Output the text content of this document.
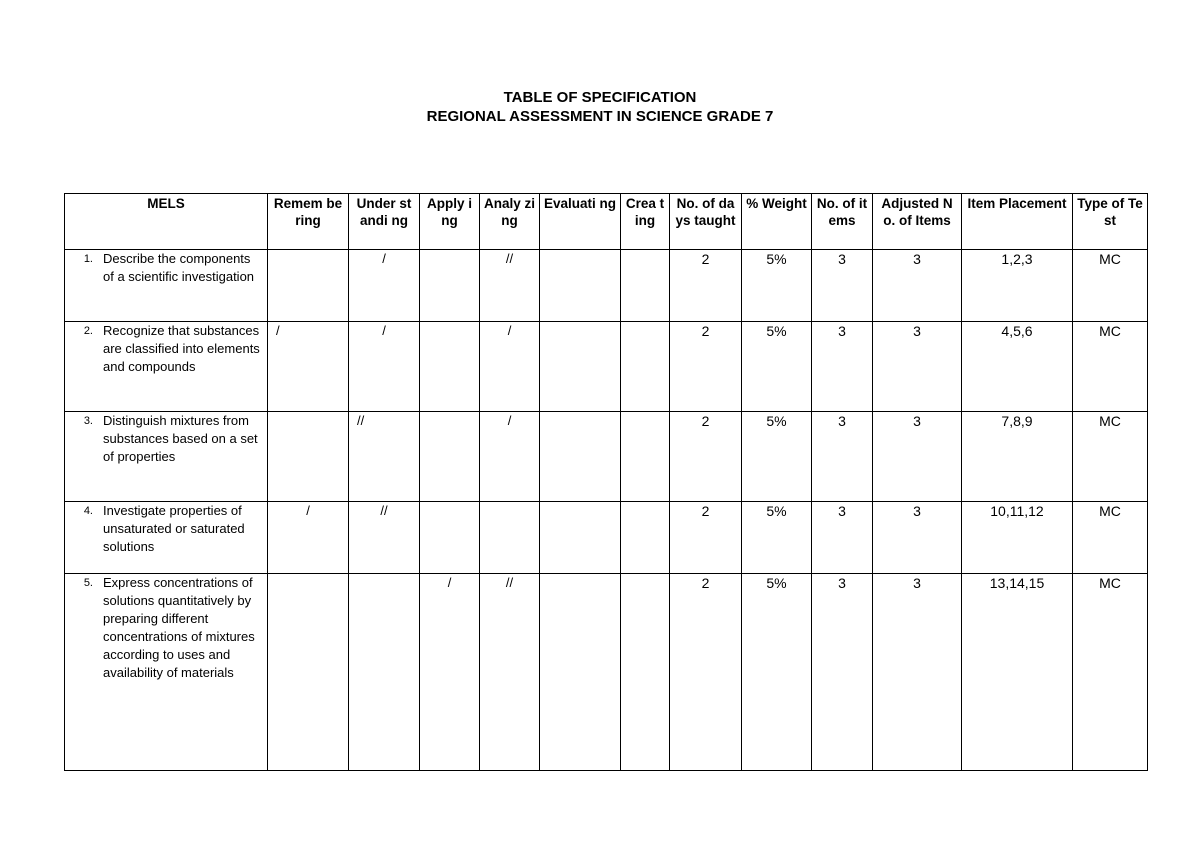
TABLE OF SPECIFICATION
REGIONAL ASSESSMENT IN SCIENCE GRADE 7
MELS	Remem bering	Under standi ng	Apply ing	Analy zing	Evaluati ng	Crea ting	No. of days taught	% Weight	No. of items	Adjusted No. of Items	Item Placement	Type of Test

1. Describe the components of a scientific investigation		/		//			2	5%	3	3	1,2,3	MC

2. Recognize that substances are classified into elements and compounds	/	/		/			2	5%	3	3	4,5,6	MC

3. Distinguish mixtures from substances based on a set of properties		//		/			2	5%	3	3	7,8,9	MC

4. Investigate properties of unsaturated or saturated solutions	/	//					2	5%	3	3	10,11,12	MC

5. Express concentrations of solutions quantitatively by preparing different concentrations of mixtures according to uses and availability of materials			/	//			2	5%	3	3	13,14,15	MC
